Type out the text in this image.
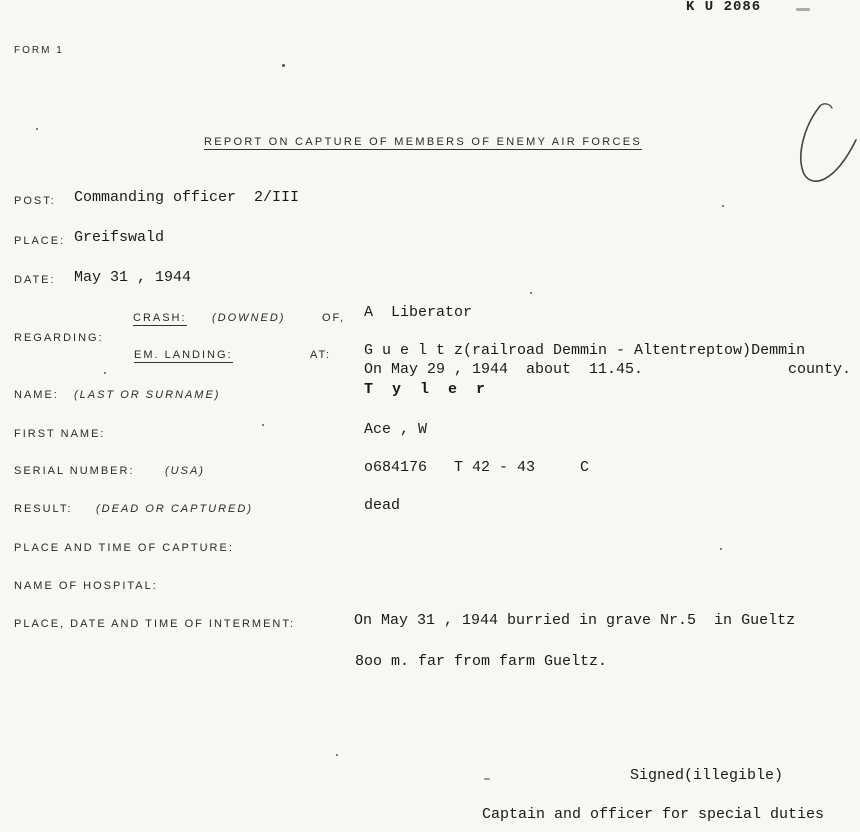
K U 2086
FORM 1
REPORT ON CAPTURE OF MEMBERS OF ENEMY AIR FORCES
POST: Commanding officer  2/III
PLACE: Greifswald
DATE: May 31 , 1944
REGARDING:
CRASH: (DOWNED)	OF, A  Liberator
EM. LANDING:	AT: G u e l t z(railroad Demmin - Altentreptow)Demmin
On May 29 , 1944  about  11.45.	county.
NAME: (LAST OR SURNAME)	T y l e r
FIRST NAME:	Ace , W
SERIAL NUMBER:	(USA)	o684176   T 42 - 43     C
RESULT: (DEAD OR CAPTURED)	dead
PLACE AND TIME OF CAPTURE:
NAME OF HOSPITAL:
PLACE, DATE AND TIME OF INTERMENT:	On May 31 , 1944 burried in grave Nr.5  in Gueltz
8oo m. far from farm Gueltz.
Signed(illegible)
Captain and officer for special duties
